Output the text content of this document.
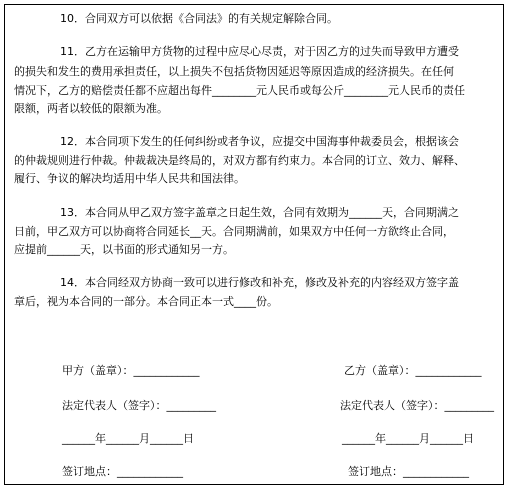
10．合同双方可以依据《合同法》的有关规定解除合同。
11．乙方在运输甲方货物的过程中应尽心尽责，对于因乙方的过失而导致甲方遭受
的损失和发生的费用承担责任，以上损失不包括货物因延迟等原因造成的经济损失。在任何
情况下，乙方的赔偿责任都不应超出每件________元人民币或每公斤________元人民币的责任
限额，两者以较低的限额为准。
12．本合同项下发生的任何纠纷或者争议，应提交中国海事仲裁委员会，根据该会
的仲裁规则进行仲裁。仲裁裁决是终局的，对双方都有约束力。本合同的订立、效力、解释、
履行、争议的解决均适用中华人民共和国法律。
13．本合同从甲乙双方签字盖章之日起生效，合同有效期为______天，合同期满之
日前，甲乙双方可以协商将合同延长__天。合同期满前，如果双方中任何一方欲终止合同，
应提前______天，以书面的形式通知另一方。
14．本合同经双方协商一致可以进行修改和补充，修改及补充的内容经双方签字盖
章后，视为本合同的一部分。本合同正本一式____份。
甲方（盖章）：____________	乙方（盖章）：____________
法定代表人（签字）：_________	法定代表人（签字）：_________
______年______月______日	______年______月______日
签订地点：____________	签订地点：____________
